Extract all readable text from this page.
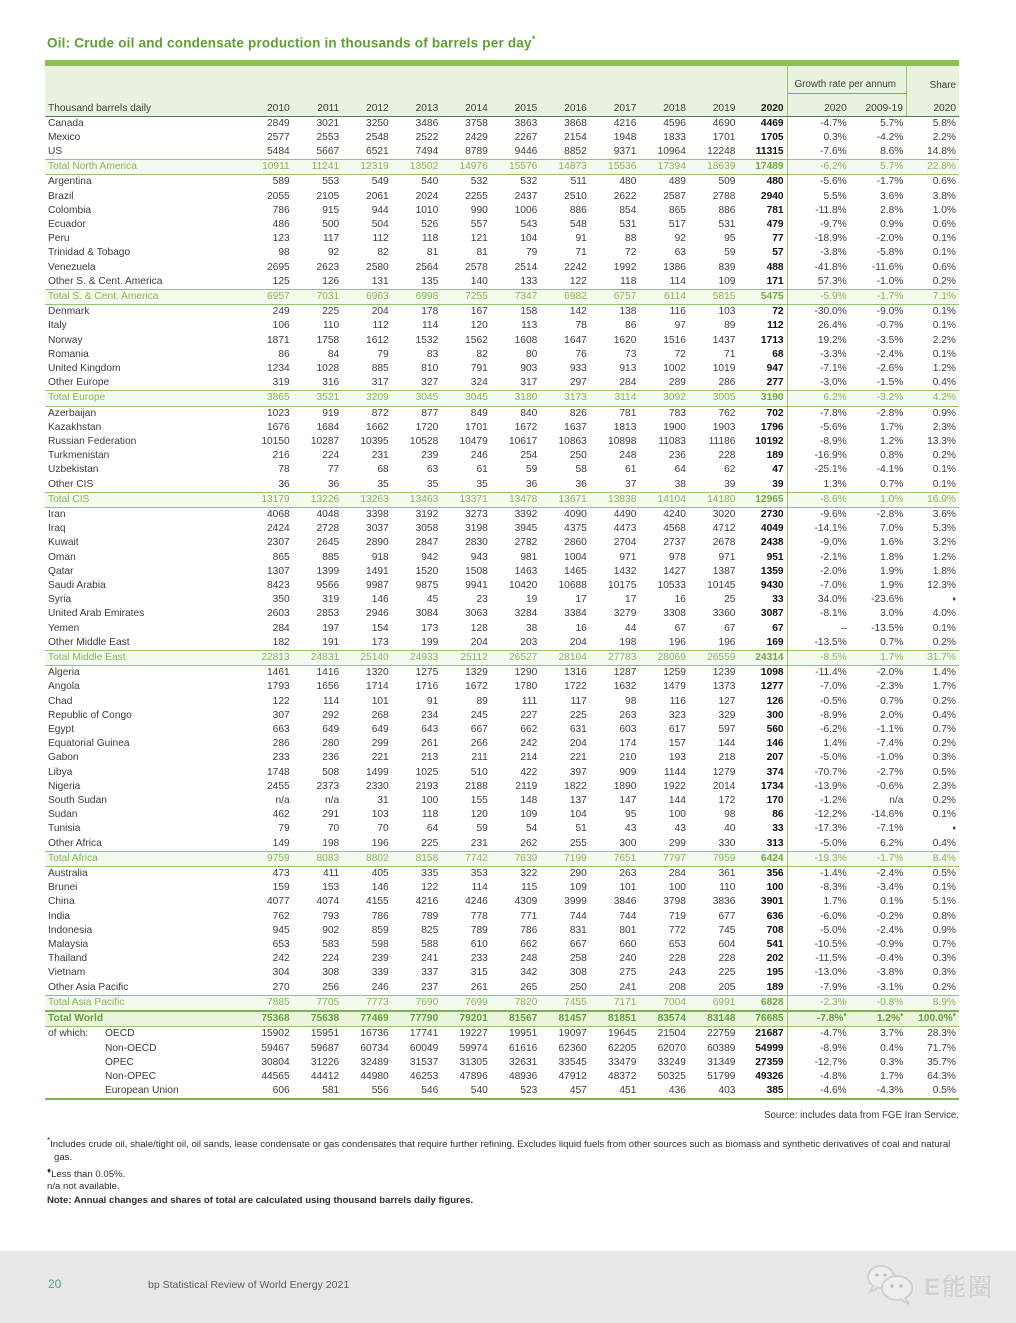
Oil: Crude oil and condensate production in thousands of barrels per day*
												Growth rate per annum		Share
Thousand barrels daily	2010	2011	2012	2013	2014	2015	2016	2017	2018	2019	2020	2020	2009-19	2020
Canada	2849	3021	3250	3486	3758	3863	3868	4216	4596	4690	4469	-4.7%	5.7%	5.8%
Mexico	2577	2553	2548	2522	2429	2267	2154	1948	1833	1701	1705	0.3%	-4.2%	2.2%
US	5484	5667	6521	7494	8789	9446	8852	9371	10964	12248	11315	-7.6%	8.6%	14.8%
Total North America	10911	11241	12319	13502	14976	15576	14873	15536	17394	18639	17489	-6.2%	5.7%	22.8%
Argentina	589	553	549	540	532	532	511	480	489	509	480	-5.6%	-1.7%	0.6%
Brazil	2055	2105	2061	2024	2255	2437	2510	2622	2587	2788	2940	5.5%	3.6%	3.8%
Colombia	786	915	944	1010	990	1006	886	854	865	886	781	-11.8%	2.8%	1.0%
Ecuador	486	500	504	526	557	543	548	531	517	531	479	-9.7%	0.9%	0.6%
Peru	123	117	112	118	121	104	91	88	92	95	77	-18.9%	-2.0%	0.1%
Trinidad & Tobago	98	92	82	81	81	79	71	72	63	59	57	-3.8%	-5.8%	0.1%
Venezuela	2695	2623	2580	2564	2578	2514	2242	1992	1386	839	488	-41.8%	-11.6%	0.6%
Other S. & Cent. America	125	126	131	135	140	133	122	118	114	109	171	57.3%	-1.0%	0.2%
Total S. & Cent. America	6957	7031	6963	6998	7255	7347	6982	6757	6114	5815	5475	-5.9%	-1.7%	7.1%
Denmark	249	225	204	178	167	158	142	138	116	103	72	-30.0%	-9.0%	0.1%
Italy	106	110	112	114	120	113	78	86	97	89	112	26.4%	-0.7%	0.1%
Norway	1871	1758	1612	1532	1562	1608	1647	1620	1516	1437	1713	19.2%	-3.5%	2.2%
Romania	86	84	79	83	82	80	76	73	72	71	68	-3.3%	-2.4%	0.1%
United Kingdom	1234	1028	885	810	791	903	933	913	1002	1019	947	-7.1%	-2.6%	1.2%
Other Europe	319	316	317	327	324	317	297	284	289	286	277	-3.0%	-1.5%	0.4%
Total Europe	3865	3521	3209	3045	3045	3180	3173	3114	3092	3005	3190	6.2%	-3.2%	4.2%
Azerbaijan	1023	919	872	877	849	840	826	781	783	762	702	-7.8%	-2.8%	0.9%
Kazakhstan	1676	1684	1662	1720	1701	1672	1637	1813	1900	1903	1796	-5.6%	1.7%	2.3%
Russian Federation	10150	10287	10395	10528	10479	10617	10863	10898	11083	11186	10192	-8.9%	1.2%	13.3%
Turkmenistan	216	224	231	239	246	254	250	248	236	228	189	-16.9%	0.8%	0.2%
Uzbekistan	78	77	68	63	61	59	58	61	64	62	47	-25.1%	-4.1%	0.1%
Other CIS	36	36	35	35	35	36	36	37	38	39	39	1.3%	0.7%	0.1%
Total CIS	13179	13226	13263	13463	13371	13478	13671	13838	14104	14180	12965	-8.6%	1.0%	16.9%
Iran	4068	4048	3398	3192	3273	3392	4090	4490	4240	3020	2730	-9.6%	-2.8%	3.6%
Iraq	2424	2728	3037	3058	3198	3945	4375	4473	4568	4712	4049	-14.1%	7.0%	5.3%
Kuwait	2307	2645	2890	2847	2830	2782	2860	2704	2737	2678	2438	-9.0%	1.6%	3.2%
Oman	865	885	918	942	943	981	1004	971	978	971	951	-2.1%	1.8%	1.2%
Qatar	1307	1399	1491	1520	1508	1463	1465	1432	1427	1387	1359	-2.0%	1.9%	1.8%
Saudi Arabia	8423	9566	9987	9875	9941	10420	10688	10175	10533	10145	9430	-7.0%	1.9%	12.3%
Syria	350	319	146	45	23	19	17	17	16	25	33	34.0%	-23.6%	♦
United Arab Emirates	2603	2853	2946	3084	3063	3284	3384	3279	3308	3360	3087	-8.1%	3.0%	4.0%
Yemen	284	197	154	173	128	38	16	44	67	67	67	–	-13.5%	0.1%
Other Middle East	182	191	173	199	204	203	204	198	196	196	169	-13.5%	0.7%	0.2%
Total Middle East	22813	24831	25140	24933	25112	26527	28104	27783	28069	26559	24314	-8.5%	1.7%	31.7%
Algeria	1461	1416	1320	1275	1329	1290	1316	1287	1259	1239	1098	-11.4%	-2.0%	1.4%
Angola	1793	1656	1714	1716	1672	1780	1722	1632	1479	1373	1277	-7.0%	-2.3%	1.7%
Chad	122	114	101	91	89	111	117	98	116	127	126	-0.5%	0.7%	0.2%
Republic of Congo	307	292	268	234	245	227	225	263	323	329	300	-8.9%	2.0%	0.4%
Egypt	663	649	649	643	667	662	631	603	617	597	560	-6.2%	-1.1%	0.7%
Equatorial Guinea	286	280	299	261	266	242	204	174	157	144	146	1.4%	-7.4%	0.2%
Gabon	233	236	221	213	211	214	221	210	193	218	207	-5.0%	-1.0%	0.3%
Libya	1748	508	1499	1025	510	422	397	909	1144	1279	374	-70.7%	-2.7%	0.5%
Nigeria	2455	2373	2330	2193	2188	2119	1822	1890	1922	2014	1734	-13.9%	-0.6%	2.3%
South Sudan	n/a	n/a	31	100	155	148	137	147	144	172	170	-1.2%	n/a	0.2%
Sudan	462	291	103	118	120	109	104	95	100	98	86	-12.2%	-14.6%	0.1%
Tunisia	79	70	70	64	59	54	51	43	43	40	33	-17.3%	-7.1%	♦
Other Africa	149	198	196	225	231	262	255	300	299	330	313	-5.0%	6.2%	0.4%
Total Africa	9759	8083	8802	8158	7742	7639	7199	7651	7797	7959	6424	-19.3%	-1.7%	8.4%
Australia	473	411	405	335	353	322	290	263	284	361	356	-1.4%	-2.4%	0.5%
Brunei	159	153	146	122	114	115	109	101	100	110	100	-8.3%	-3.4%	0.1%
China	4077	4074	4155	4216	4246	4309	3999	3846	3798	3836	3901	1.7%	0.1%	5.1%
India	762	793	786	789	778	771	744	744	719	677	636	-6.0%	-0.2%	0.8%
Indonesia	945	902	859	825	789	786	831	801	772	745	708	-5.0%	-2.4%	0.9%
Malaysia	653	583	598	588	610	662	667	660	653	604	541	-10.5%	-0.9%	0.7%
Thailand	242	224	239	241	233	248	258	240	228	228	202	-11.5%	-0.4%	0.3%
Vietnam	304	308	339	337	315	342	308	275	243	225	195	-13.0%	-3.8%	0.3%
Other Asia Pacific	270	256	246	237	261	265	250	241	208	205	189	-7.9%	-3.1%	0.2%
Total Asia Pacific	7885	7705	7773	7690	7699	7820	7455	7171	7004	6991	6828	-2.3%	-0.8%	8.9%
Total World	75368	75638	77469	77790	79201	81567	81457	81851	83574	83148	76685	-7.8%♦	1.2%♦	100.0%♦

of which: OECD	15902	15951	16736	17741	19227	19951	19097	19645	21504	22759	21687	-4.7%	3.7%	28.3%
Non-OECD	59467	59687	60734	60049	59974	61616	62360	62205	62070	60389	54999	-8.9%	0.4%	71.7%
OPEC	30804	31226	32489	31537	31305	32631	33545	33479	33249	31349	27359	-12.7%	0.3%	35.7%
Non-OPEC	44565	44412	44980	46253	47896	48936	47912	48372	50325	51799	49326	-4.8%	1.7%	64.3%
European Union	606	581	556	546	540	523	457	451	436	403	385	-4.6%	-4.3%	0.5%
Source: includes data from FGE Iran Service.
*Includes crude oil, shale/tight oil, oil sands, lease condensate or gas condensates that require further refining. Excludes liquid fuels from other sources such as biomass and synthetic derivatives of coal and natural gas.
♦Less than 0.05%.
n/a not available.
Note: Annual changes and shares of total are calculated using thousand barrels daily figures.
20	bp Statistical Review of World Energy 2021	E能圈
